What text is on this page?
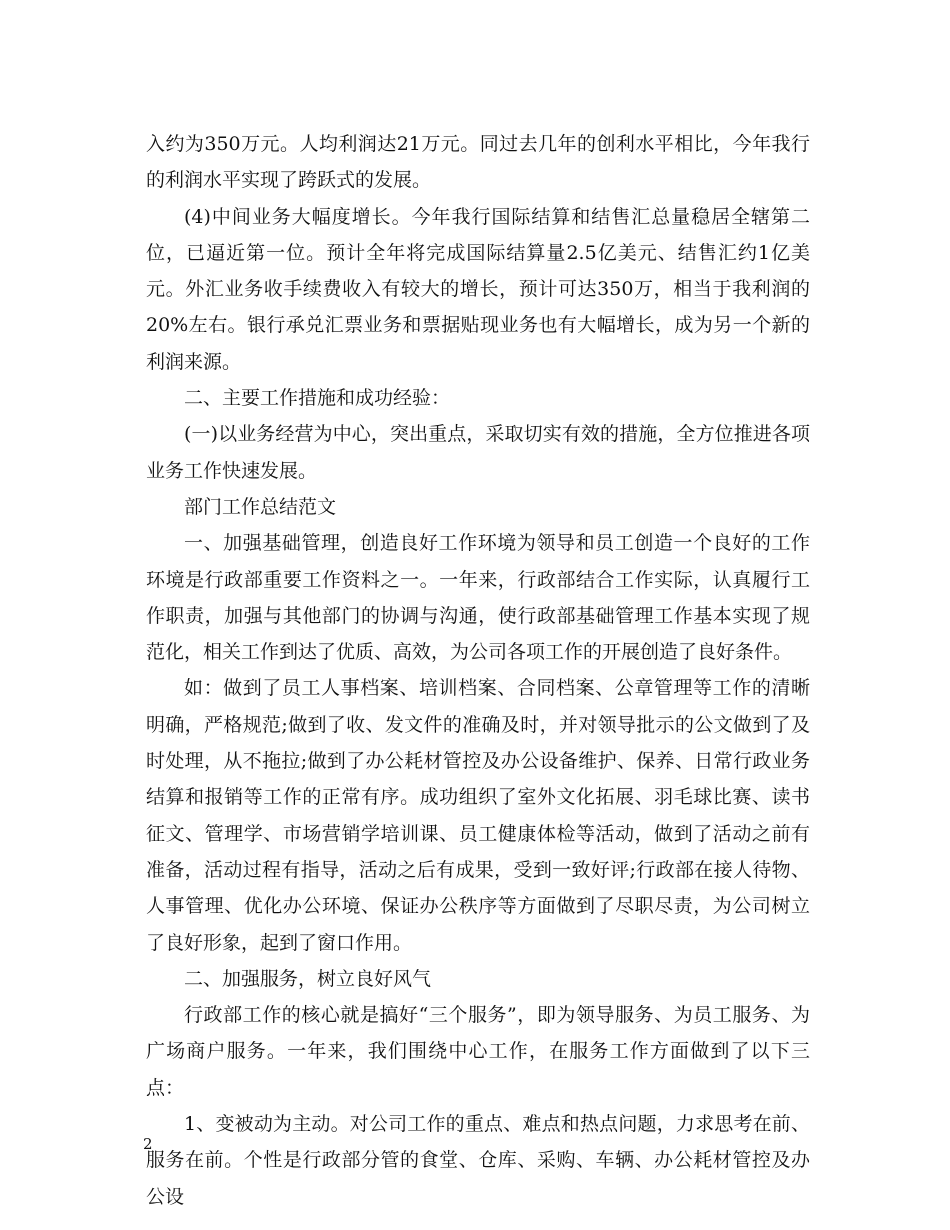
入约为350万元。人均利润达21万元。同过去几年的创利水平相比，今年我行的利润水平实现了跨跃式的发展。

(4)中间业务大幅度增长。今年我行国际结算和结售汇总量稳居全辖第二位，已逼近第一位。预计全年将完成国际结算量2.5亿美元、结售汇约1亿美元。外汇业务收手续费收入有较大的增长，预计可达350万，相当于我利润的20%左右。银行承兑汇票业务和票据贴现业务也有大幅增长，成为另一个新的利润来源。

二、主要工作措施和成功经验：

(一)以业务经营为中心，突出重点，采取切实有效的措施，全方位推进各项业务工作快速发展。

部门工作总结范文

一、加强基础管理，创造良好工作环境为领导和员工创造一个良好的工作环境是行政部重要工作资料之一。一年来，行政部结合工作实际，认真履行工作职责，加强与其他部门的协调与沟通，使行政部基础管理工作基本实现了规范化，相关工作到达了优质、高效，为公司各项工作的开展创造了良好条件。

如：做到了员工人事档案、培训档案、合同档案、公章管理等工作的清晰明确，严格规范;做到了收、发文件的准确及时，并对领导批示的公文做到了及时处理，从不拖拉;做到了办公耗材管控及办公设备维护、保养、日常行政业务结算和报销等工作的正常有序。成功组织了室外文化拓展、羽毛球比赛、读书征文、管理学、市场营销学培训课、员工健康体检等活动，做到了活动之前有准备，活动过程有指导，活动之后有成果，受到一致好评;行政部在接人待物、人事管理、优化办公环境、保证办公秩序等方面做到了尽职尽责，为公司树立了良好形象，起到了窗口作用。

二、加强服务，树立良好风气

行政部工作的核心就是搞好“三个服务”，即为领导服务、为员工服务、为广场商户服务。一年来，我们围绕中心工作，在服务工作方面做到了以下三点：

1、变被动为主动。对公司工作的重点、难点和热点问题，力求思考在前、服务在前。个性是行政部分管的食堂、仓库、采购、车辆、办公耗材管控及办公设

2
